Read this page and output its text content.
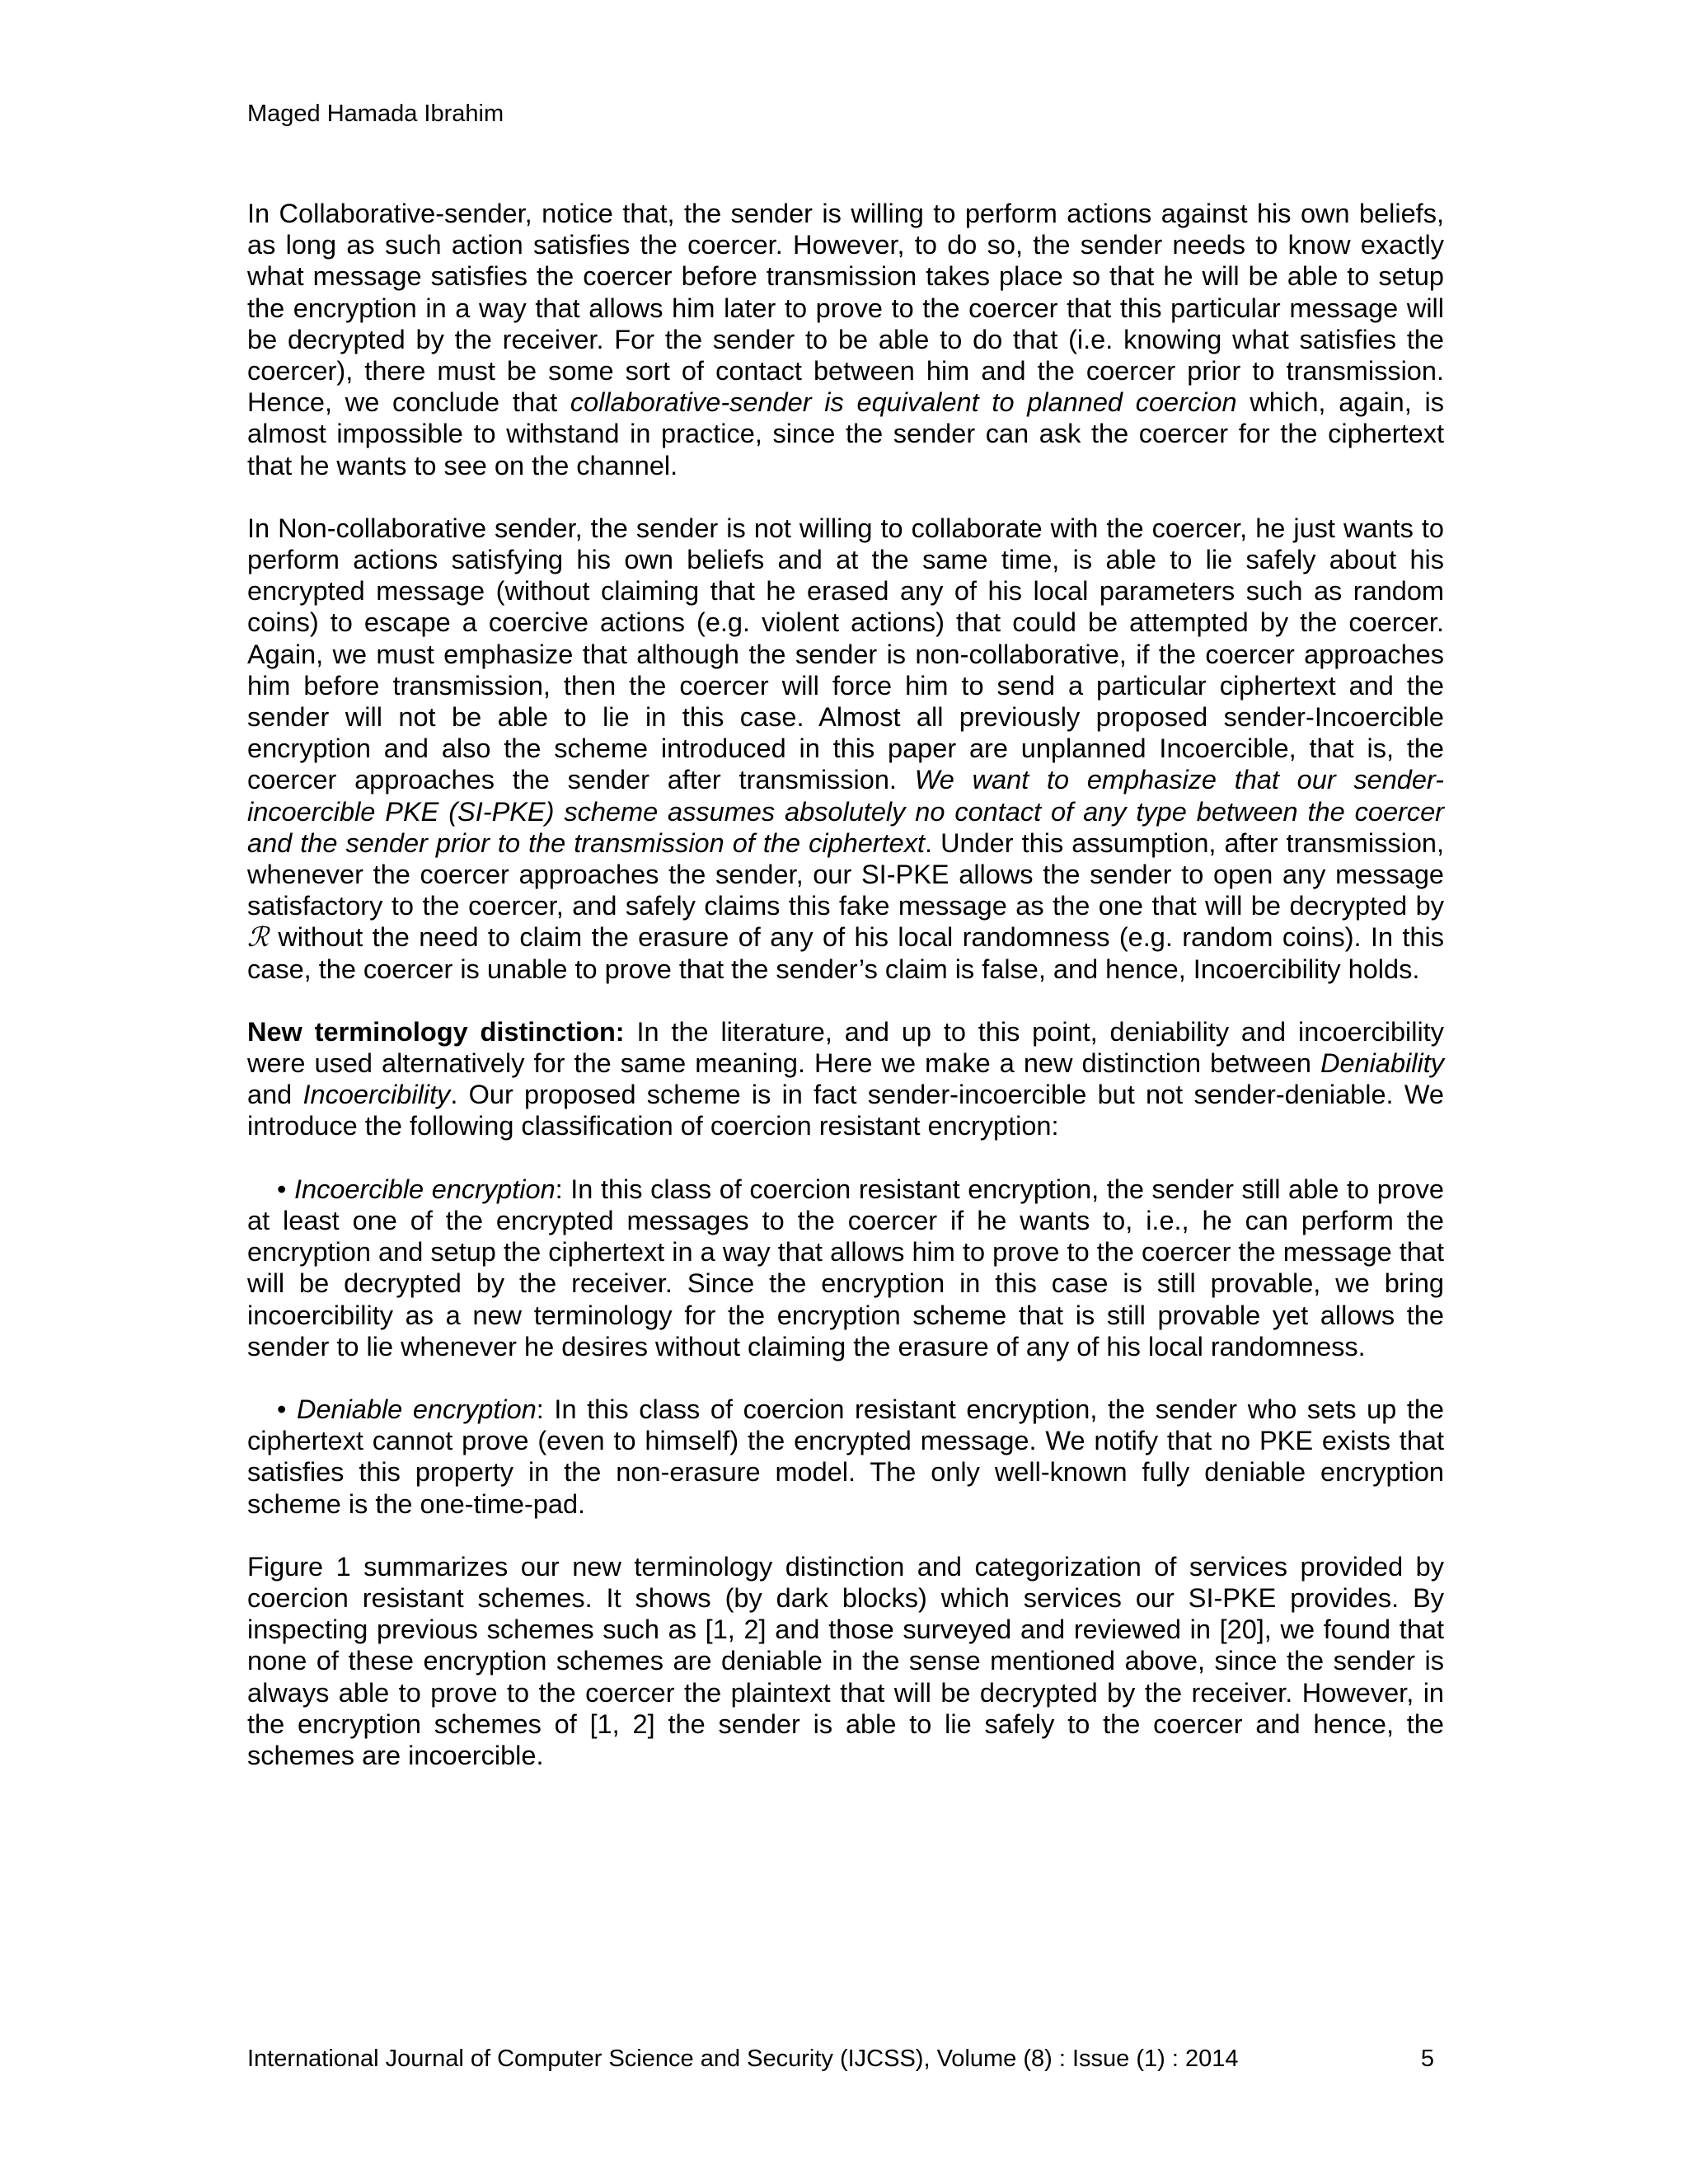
Maged Hamada Ibrahim

In Collaborative-sender, notice that, the sender is willing to perform actions against his own beliefs, as long as such action satisfies the coercer. However, to do so, the sender needs to know exactly what message satisfies the coercer before transmission takes place so that he will be able to setup the encryption in a way that allows him later to prove to the coercer that this particular message will be decrypted by the receiver. For the sender to be able to do that (i.e. knowing what satisfies the coercer), there must be some sort of contact between him and the coercer prior to transmission. Hence, we conclude that collaborative-sender is equivalent to planned coercion which, again, is almost impossible to withstand in practice, since the sender can ask the coercer for the ciphertext that he wants to see on the channel.

In Non-collaborative sender, the sender is not willing to collaborate with the coercer, he just wants to perform actions satisfying his own beliefs and at the same time, is able to lie safely about his encrypted message (without claiming that he erased any of his local parameters such as random coins) to escape a coercive actions (e.g. violent actions) that could be attempted by the coercer. Again, we must emphasize that although the sender is non-collaborative, if the coercer approaches him before transmission, then the coercer will force him to send a particular ciphertext and the sender will not be able to lie in this case. Almost all previously proposed sender-Incoercible encryption and also the scheme introduced in this paper are unplanned Incoercible, that is, the coercer approaches the sender after transmission. We want to emphasize that our sender-incoercible PKE (SI-PKE) scheme assumes absolutely no contact of any type between the coercer and the sender prior to the transmission of the ciphertext. Under this assumption, after transmission, whenever the coercer approaches the sender, our SI-PKE allows the sender to open any message satisfactory to the coercer, and safely claims this fake message as the one that will be decrypted by ℛ without the need to claim the erasure of any of his local randomness (e.g. random coins). In this case, the coercer is unable to prove that the sender’s claim is false, and hence, Incoercibility holds.

New terminology distinction: In the literature, and up to this point, deniability and incoercibility were used alternatively for the same meaning. Here we make a new distinction between Deniability and Incoercibility. Our proposed scheme is in fact sender-incoercible but not sender-deniable. We introduce the following classification of coercion resistant encryption:

• Incoercible encryption: In this class of coercion resistant encryption, the sender still able to prove at least one of the encrypted messages to the coercer if he wants to, i.e., he can perform the encryption and setup the ciphertext in a way that allows him to prove to the coercer the message that will be decrypted by the receiver. Since the encryption in this case is still provable, we bring incoercibility as a new terminology for the encryption scheme that is still provable yet allows the sender to lie whenever he desires without claiming the erasure of any of his local randomness.

• Deniable encryption: In this class of coercion resistant encryption, the sender who sets up the ciphertext cannot prove (even to himself) the encrypted message. We notify that no PKE exists that satisfies this property in the non-erasure model. The only well-known fully deniable encryption scheme is the one-time-pad.

Figure 1 summarizes our new terminology distinction and categorization of services provided by coercion resistant schemes. It shows (by dark blocks) which services our SI-PKE provides. By inspecting previous schemes such as [1, 2] and those surveyed and reviewed in [20], we found that none of these encryption schemes are deniable in the sense mentioned above, since the sender is always able to prove to the coercer the plaintext that will be decrypted by the receiver. However, in the encryption schemes of [1, 2] the sender is able to lie safely to the coercer and hence, the schemes are incoercible.

International Journal of Computer Science and Security (IJCSS), Volume (8) : Issue (1) : 2014	5
